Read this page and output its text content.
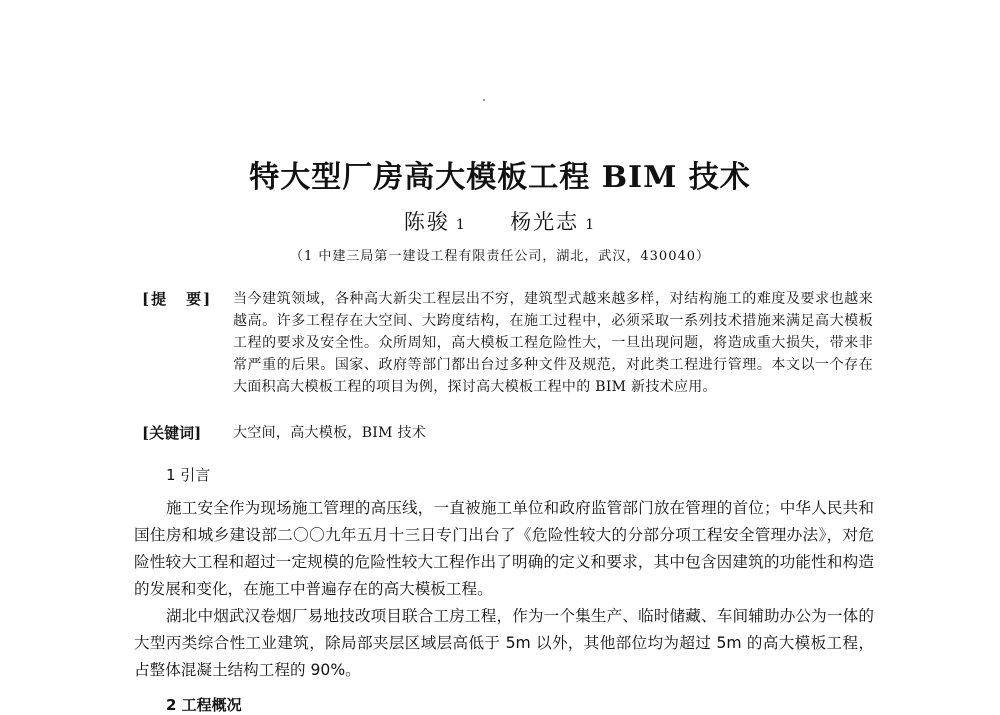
特大型厂房高大模板工程 BIM 技术
陈骏 1 杨光志 1
（1 中建三局第一建设工程有限责任公司，湖北，武汉，430040）
[提 要] 当今建筑领域，各种高大新尖工程层出不穷，建筑型式越来越多样，对结构施工的难度及要求也越来越高。许多工程存在大空间、大跨度结构，在施工过程中，必须采取一系列技术措施来满足高大模板工程的要求及安全性。众所周知，高大模板工程危险性大，一旦出现问题，将造成重大损失，带来非常严重的后果。国家、政府等部门都出台过多种文件及规范，对此类工程进行管理。本文以一个存在大面积高大模板工程的项目为例，探讨高大模板工程中的 BIM 新技术应用。
[关键词] 大空间，高大模板，BIM 技术
1 引言
施工安全作为现场施工管理的高压线，一直被施工单位和政府监管部门放在管理的首位；中华人民共和国住房和城乡建设部二〇〇九年五月十三日专门出台了《危险性较大的分部分项工程安全管理办法》，对危险性较大工程和超过一定规模的危险性较大工程作出了明确的定义和要求，其中包含因建筑的功能性和构造的发展和变化，在施工中普遍存在的高大模板工程。
湖北中烟武汉卷烟厂易地技改项目联合工房工程，作为一个集生产、临时储藏、车间辅助办公为一体的大型丙类综合性工业建筑，除局部夹层区域层高低于 5m 以外，其他部位均为超过 5m 的高大模板工程，占整体混凝土结构工程的 90%。
2 工程概况
